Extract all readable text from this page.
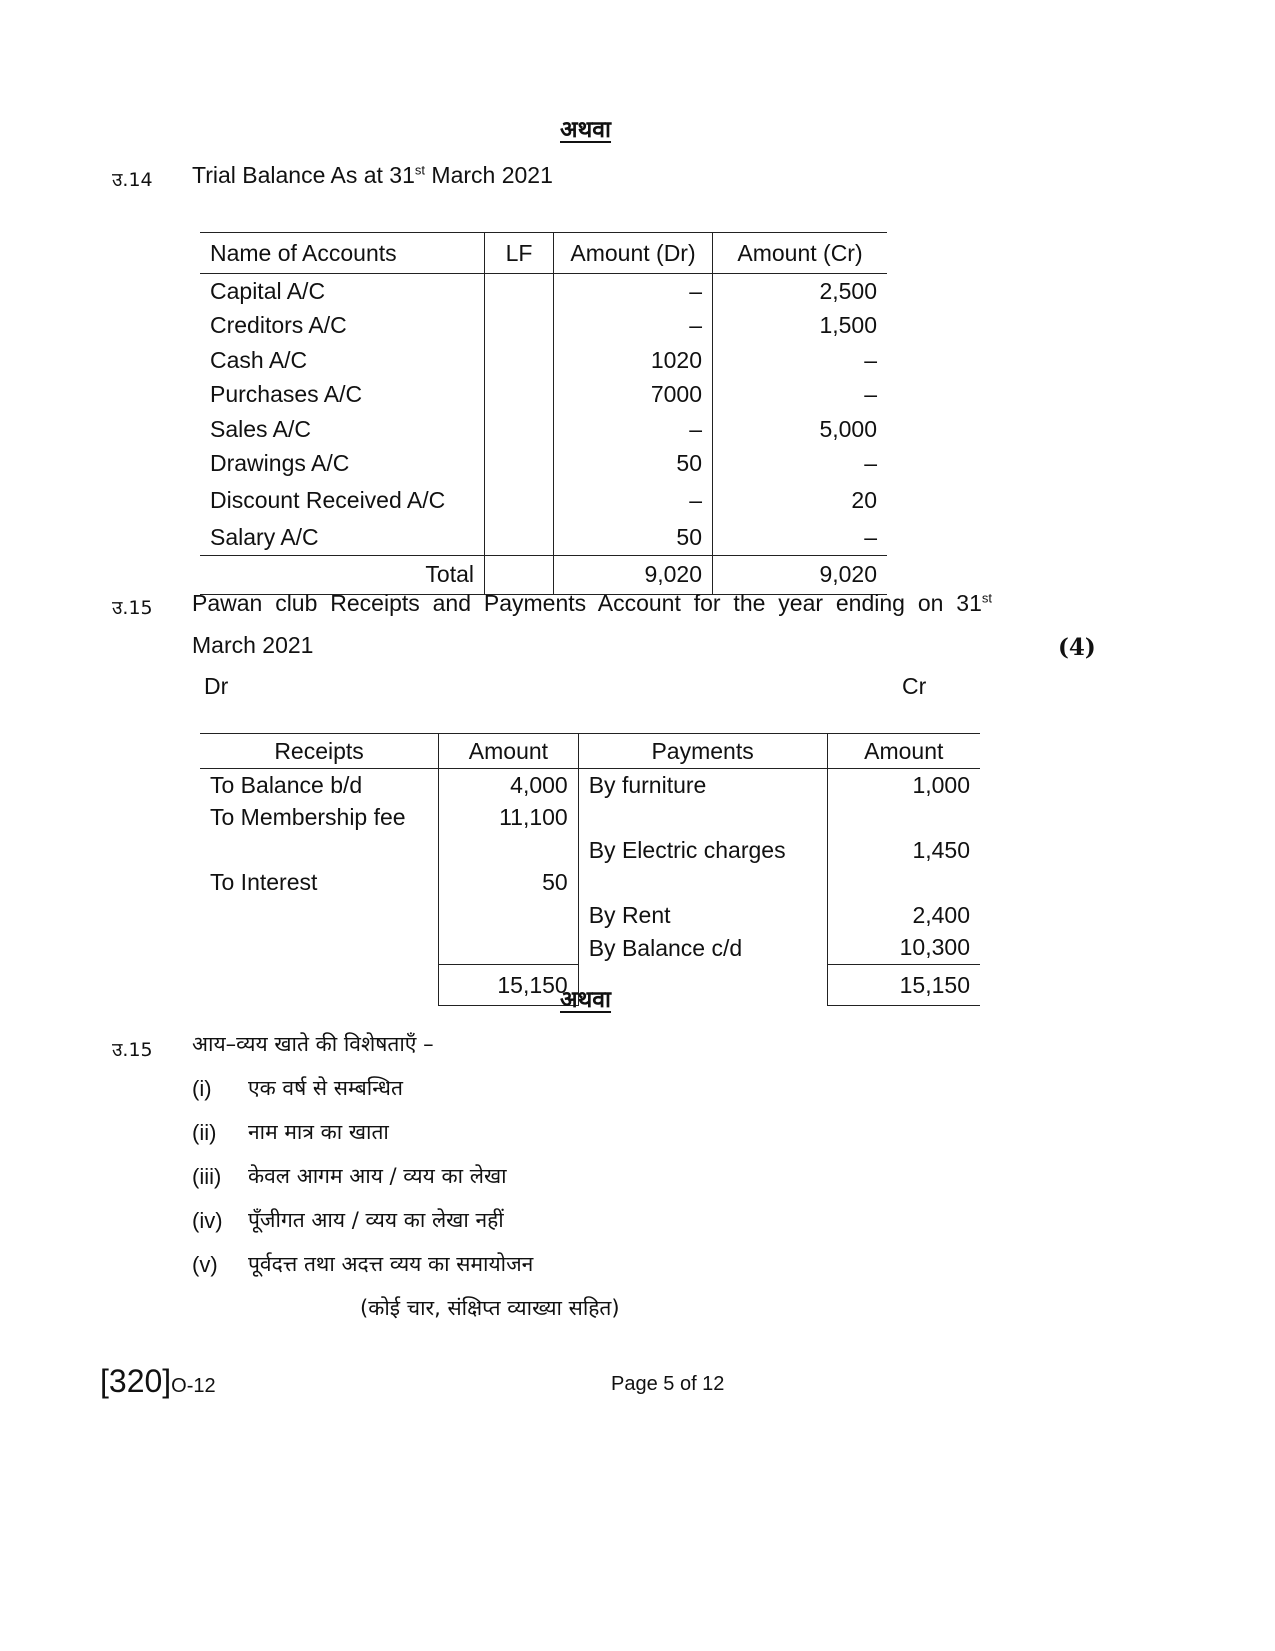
अथवा
उ.14 Trial Balance As at 31st March 2021
Name of Accounts	LF	Amount (Dr)	Amount (Cr)
Capital A/C		–	2,500
Creditors A/C		–	1,500
Cash A/C		1020	–
Purchases A/C		7000	–
Sales A/C		–	5,000
Drawings A/C		50	–
Discount Received A/C		–	20
Salary A/C		50	–
Total		9,020	9,020
उ.15 Pawan club Receipts and Payments Account for the year ending on 31st
March 2021	(4)
Dr	Cr
Receipts	Amount	Payments	Amount
To Balance b/d	4,000	By furniture	1,000
To Membership fee	11,100		
		By Electric charges	1,450
To Interest	50		
		By Rent	2,400
		By Balance c/d	10,300
	15,150		15,150
अथवा
उ.15 आय–व्यय खाते की विशेषताएँ –
(i) एक वर्ष से सम्बन्धित
(ii) नाम मात्र का खाता
(iii) केवल आगम आय / व्यय का लेखा
(iv) पूँजीगत आय / व्यय का लेखा नहीं
(v) पूर्वदत्त तथा अदत्त व्यय का समायोजन
(कोई चार, संक्षिप्त व्याख्या सहित)
[320]O-12	Page 5 of 12
